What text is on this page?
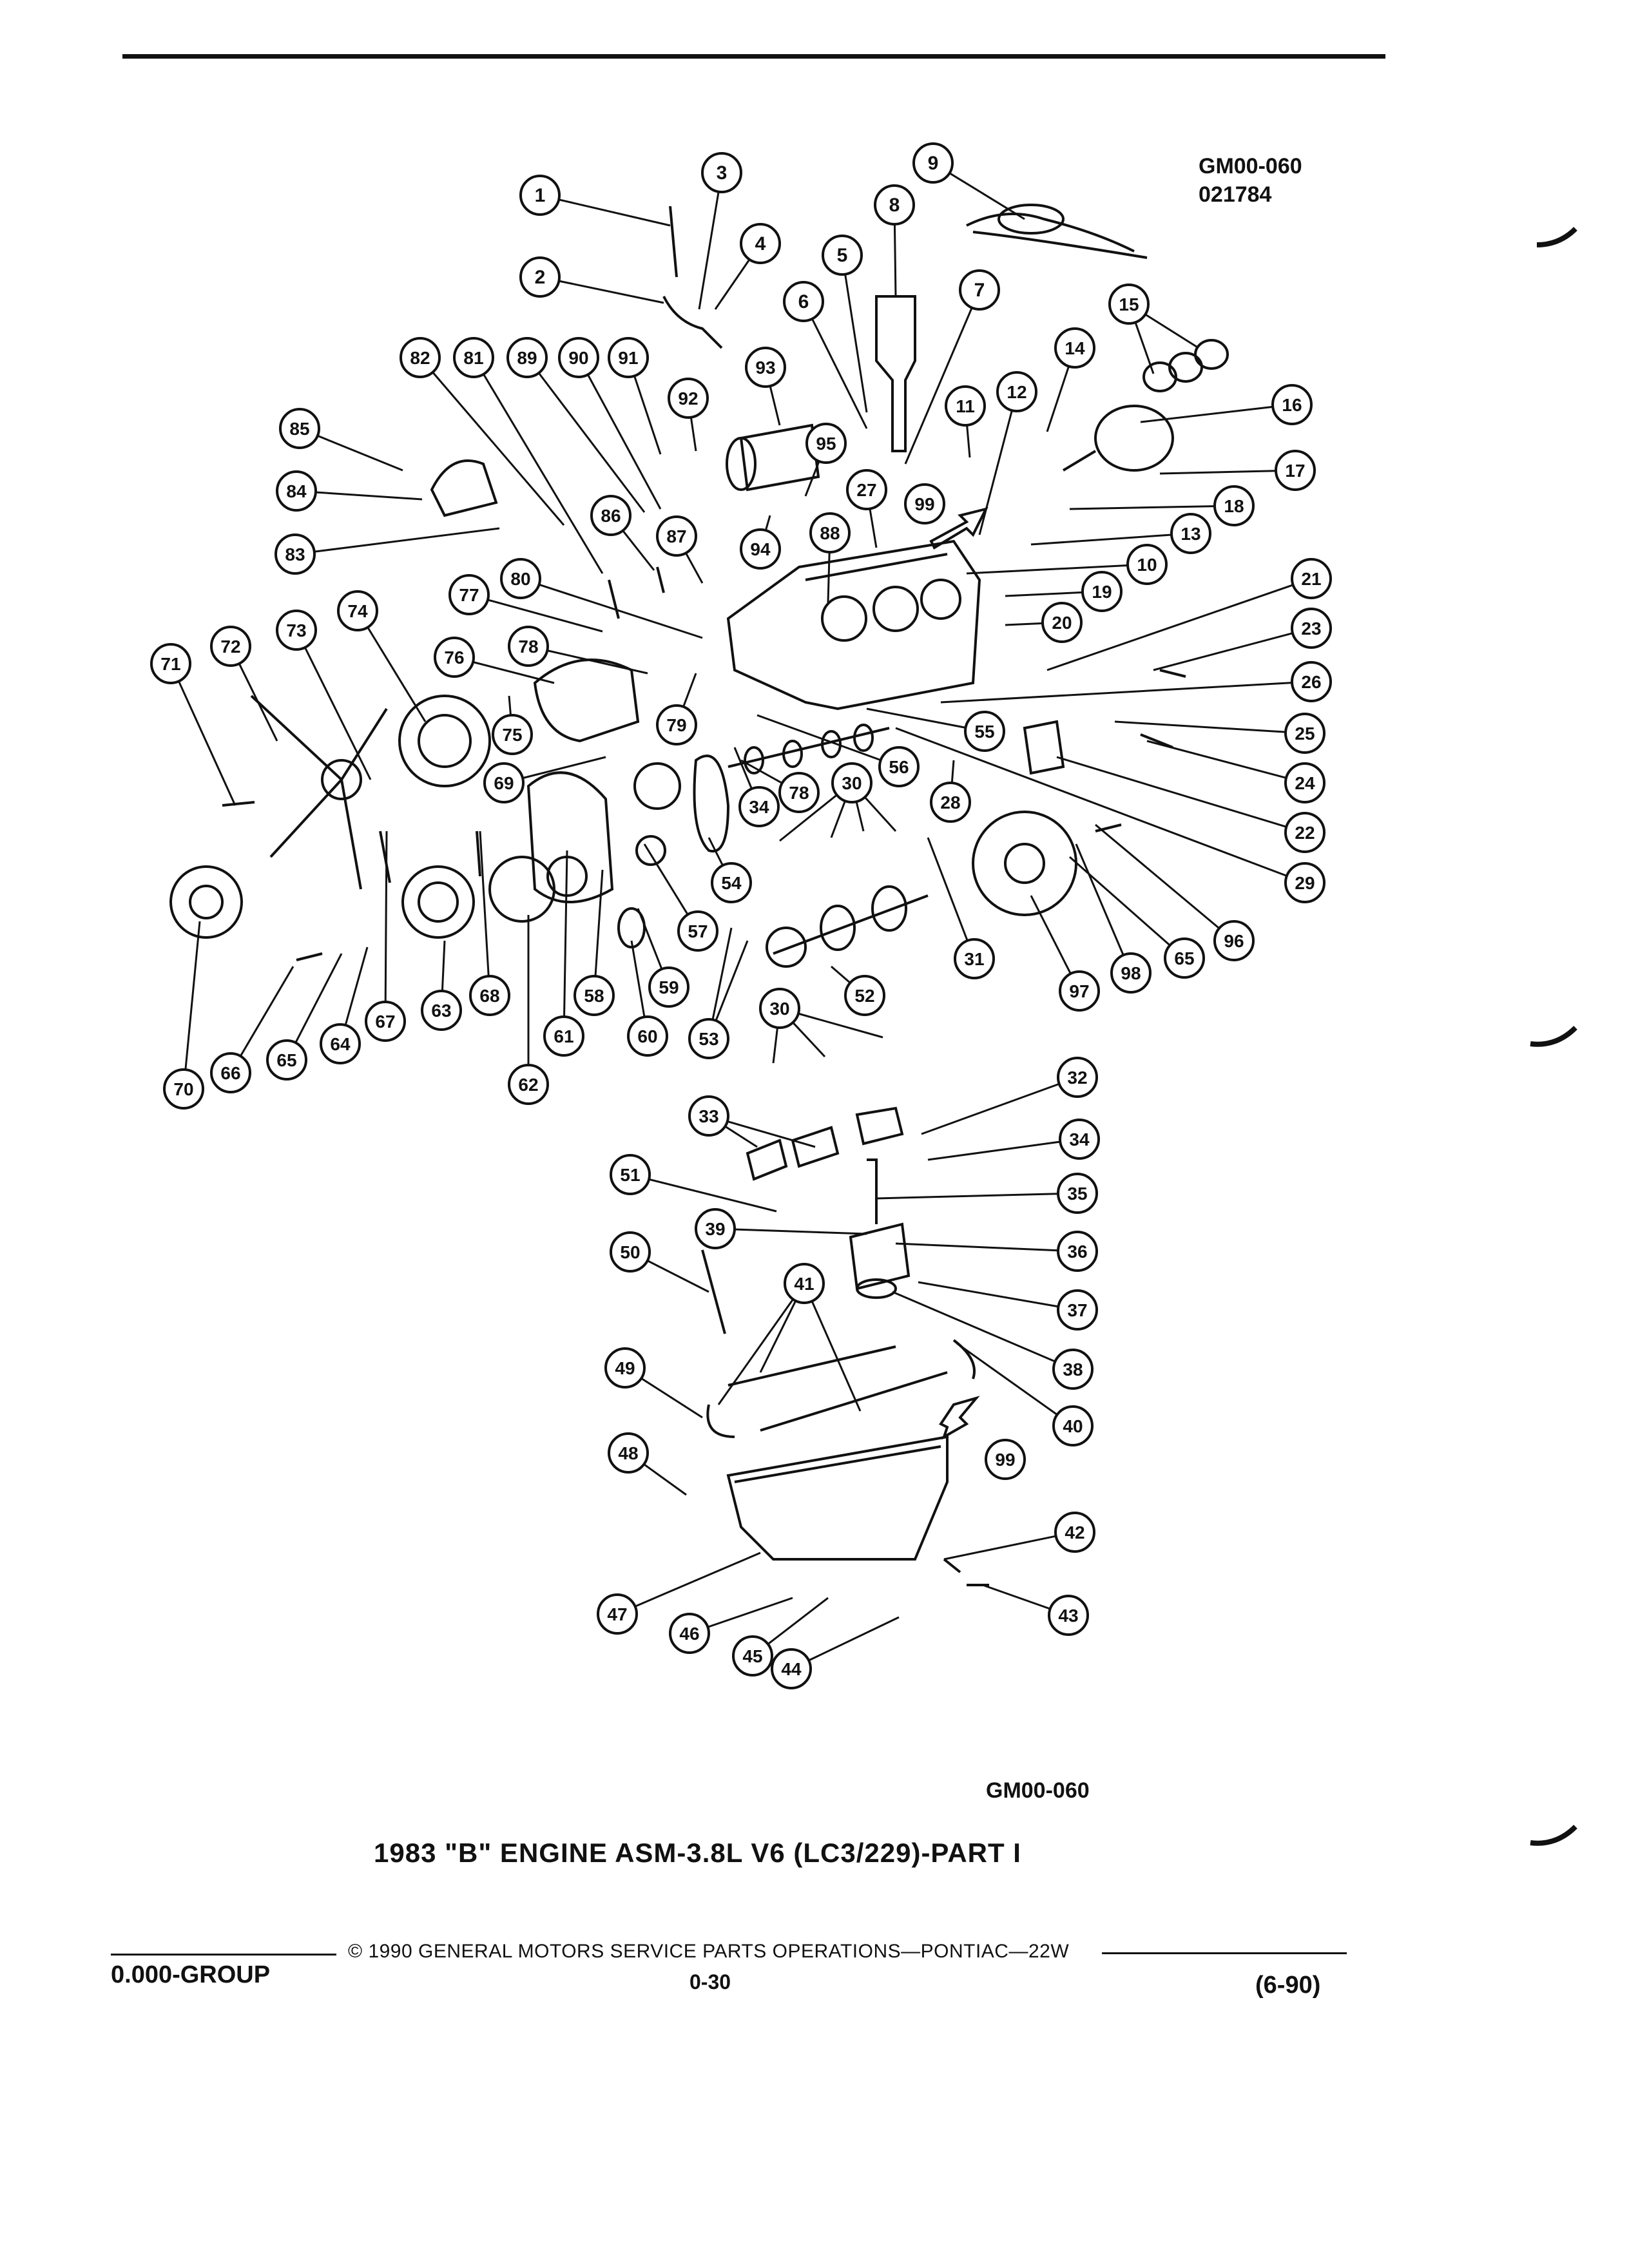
GM00-060
021784
1
2
3
4
5
6
7
8
9
10
11
12
13
14
15
16
17
18
19
20
21
22
23
24
25
26
27
28
29
30
30
31
32
33
34
34
35
36
37
38
39
40
41
42
43
44
45
46
47
48
49
50
51
52
53
54
55
56
57
58	59
60
61
62
63
64
65
65
66
67
68
69
70
71
72
73
74
75
76
77
78
78
79
80
81
82
83
84
85
86
87	88
89 90 91
92
93
94
95
96
97
98
99
99
GM00-060
1983 "B" ENGINE ASM-3.8L V6 (LC3/229)-PART I
© 1990 GENERAL MOTORS SERVICE PARTS OPERATIONS—PONTIAC—22W
0.000-GROUP	0-30	(6-90)
